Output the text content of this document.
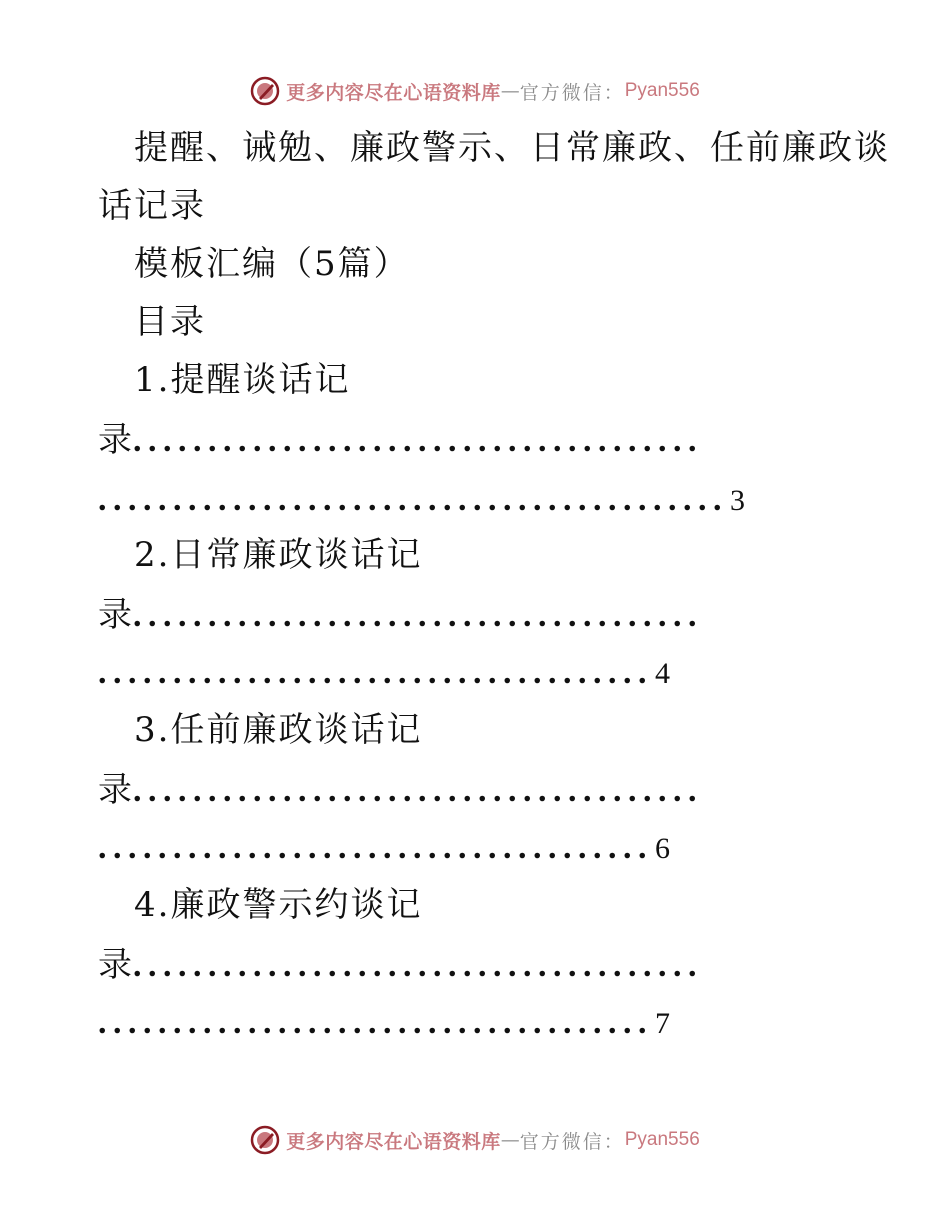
更多内容尽在心语资料库 — 官方微信： Pyan556
提醒、诫勉、廉政警示、日常廉政、任前廉政谈
话记录
模板汇编（5篇）
目录
1.提醒谈话记
录 ......................................
.......................................... 3
2.日常廉政谈话记
录 ......................................
..................................... 4
3.任前廉政谈话记
录 ......................................
..................................... 6
4.廉政警示约谈记
录 ......................................
..................................... 7
更多内容尽在心语资料库 — 官方微信： Pyan556
